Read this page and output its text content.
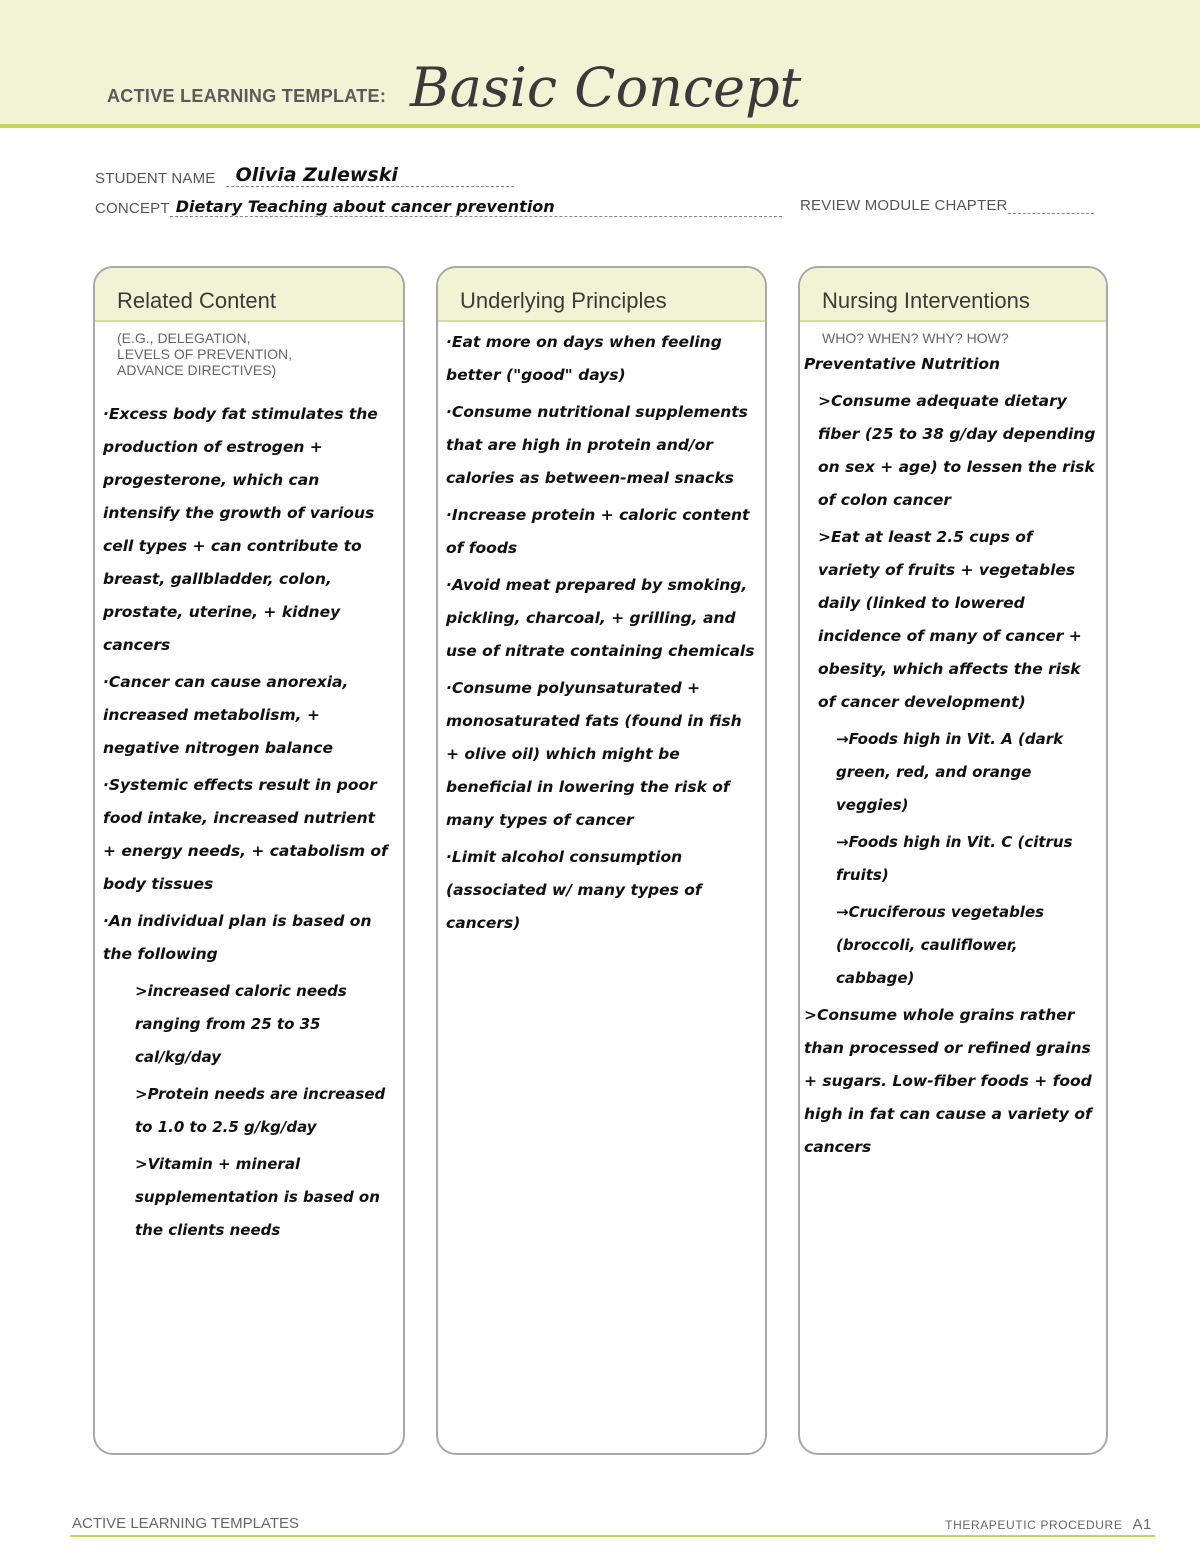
ACTIVE LEARNING TEMPLATE: Basic Concept
STUDENT NAME Olivia Zulewski
CONCEPT Dietary Teaching about cancer prevention	REVIEW MODULE CHAPTER
Related Content
(E.G., DELEGATION,
LEVELS OF PREVENTION,
ADVANCE DIRECTIVES)
·Excess body fat stimulates the production of estrogen + progesterone, which can intensify the growth of various cell types + can contribute to breast, gallbladder, colon, prostate, uterine, + kidney cancers
·Cancer can cause anorexia, increased metabolism, + negative nitrogen balance
·Systemic effects result in poor food intake, increased nutrient + energy needs, + catabolism of body tissues
·An individual plan is based on the following
>increased caloric needs ranging from 25 to 35 cal/kg/day
>Protein needs are increased to 1.0 to 2.5 g/kg/day
>Vitamin + mineral supplementation is based on the clients needs
Underlying Principles
·Eat more on days when feeling better ("good" days)
·Consume nutritional supplements that are high in protein and/or calories as between-meal snacks
·Increase protein + caloric content of foods
·Avoid meat prepared by smoking, pickling, charcoal, + grilling, and use of nitrate containing chemicals
·Consume polyunsaturated + monosaturated fats (found in fish + olive oil) which might be beneficial in lowering the risk of many types of cancer
·Limit alcohol consumption (associated w/ many types of cancers)
Nursing Interventions
WHO? WHEN? WHY? HOW?
Preventative Nutrition
>Consume adequate dietary fiber (25 to 38 g/day depending on sex + age) to lessen the risk of colon cancer
>Eat at least 2.5 cups of variety of fruits + vegetables daily (linked to lowered incidence of many of cancer + obesity, which affects the risk of cancer development)
→Foods high in Vit. A (dark green, red, and orange veggies)
→Foods high in Vit. C (citrus fruits)
→Cruciferous vegetables (broccoli, cauliflower, cabbage)
>Consume whole grains rather than processed or refined grains + sugars. Low-fiber foods + food high in fat can cause a variety of cancers
ACTIVE LEARNING TEMPLATES	THERAPEUTIC PROCEDURE A1
